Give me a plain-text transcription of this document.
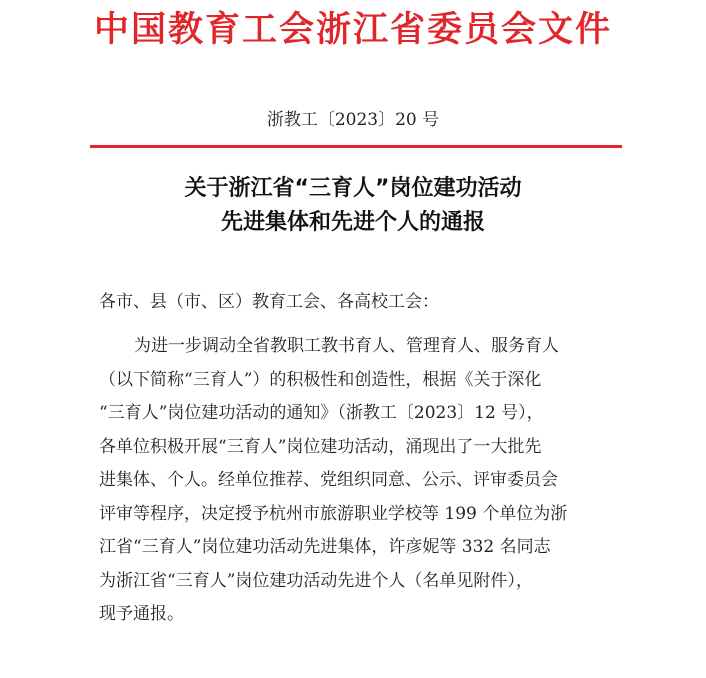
中国教育工会浙江省委员会文件
浙教工〔2023〕20 号
关于浙江省“三育人”岗位建功活动
先进集体和先进个人的通报
各市、县（市、区）教育工会、各高校工会：
为进一步调动全省教职工教书育人、管理育人、服务育人
（以下简称“三育人”）的积极性和创造性，根据《关于深化
“三育人”岗位建功活动的通知》（浙教工〔2023〕12 号），
各单位积极开展“三育人”岗位建功活动，涌现出了一大批先
进集体、个人。经单位推荐、党组织同意、公示、评审委员会
评审等程序，决定授予杭州市旅游职业学校等 199 个单位为浙
江省“三育人”岗位建功活动先进集体，许彦妮等 332 名同志
为浙江省“三育人”岗位建功活动先进个人（名单见附件），
现予通报。
